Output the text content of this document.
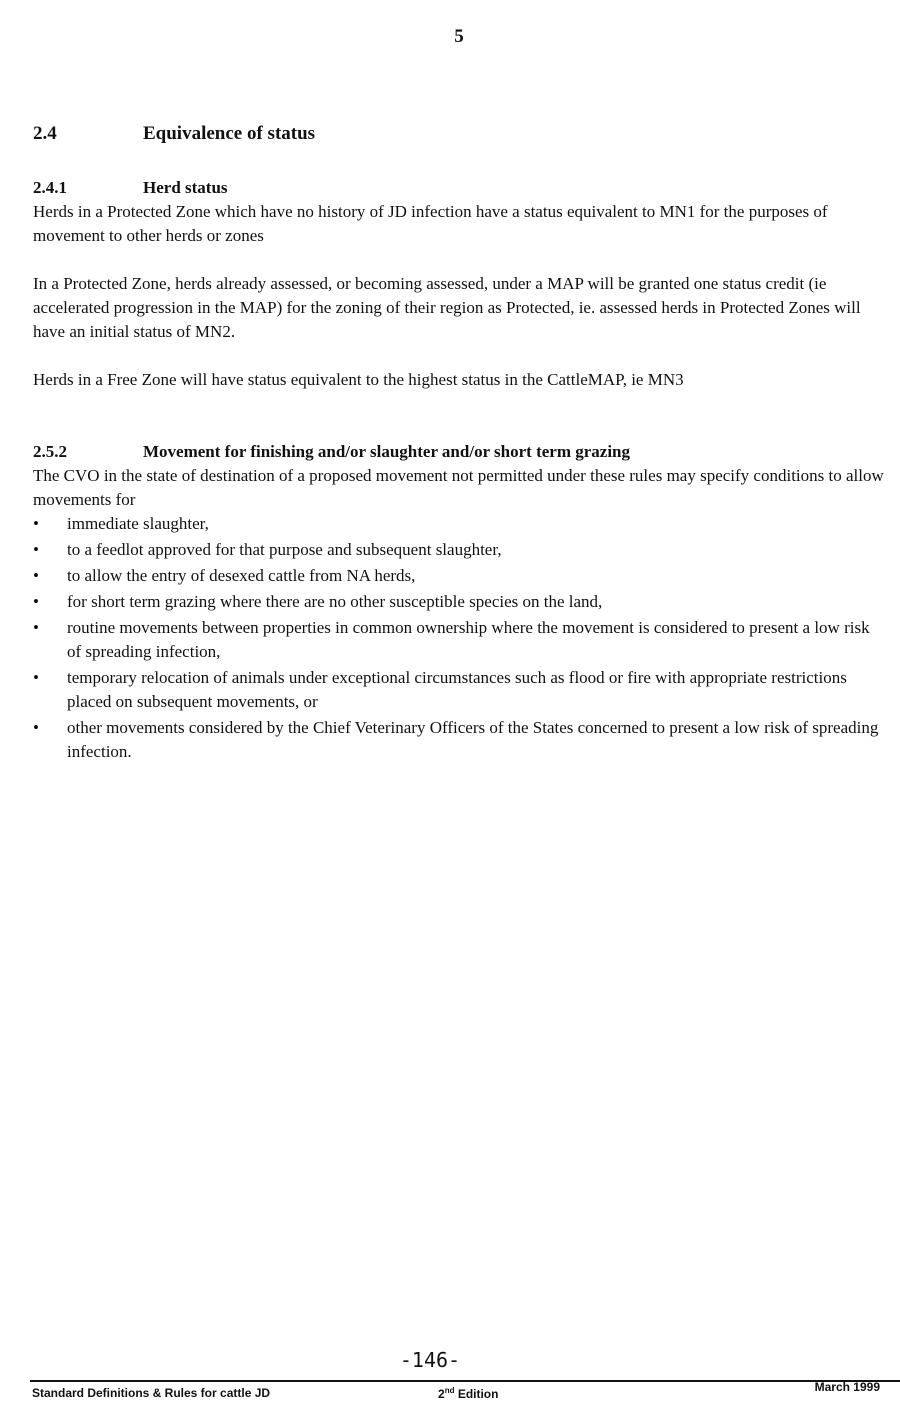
5
2.4	Equivalence of status
2.4.1	Herd status

Herds in a Protected Zone which have no history of JD infection have a status equivalent to MN1 for the purposes of movement to other herds or zones

In a Protected Zone, herds already assessed, or becoming assessed, under a MAP will be granted one status credit (ie accelerated progression in the MAP) for the zoning of their region as Protected, ie. assessed herds in Protected Zones will have an initial status of MN2.

Herds in a Free Zone will have status equivalent to the highest status in the CattleMAP, ie MN3

2.5.2	Movement for finishing and/or slaughter and/or short term grazing
The CVO in the state of destination of a proposed movement not permitted under these rules may specify conditions to allow movements for
• immediate slaughter,
• to a feedlot approved for that purpose and subsequent slaughter,
• to allow the entry of desexed cattle from NA herds,
• for short term grazing where there are no other susceptible species on the land,
• routine movements between properties in common ownership where the movement is considered to present a low risk of spreading infection,
• temporary relocation of animals under exceptional circumstances such as flood or fire with appropriate restrictions placed on subsequent movements, or
• other movements considered by the Chief Veterinary Officers of the States concerned to present a low risk of spreading infection.
-146-
Standard Definitions & Rules for cattle JD	2nd Edition	March 1999
